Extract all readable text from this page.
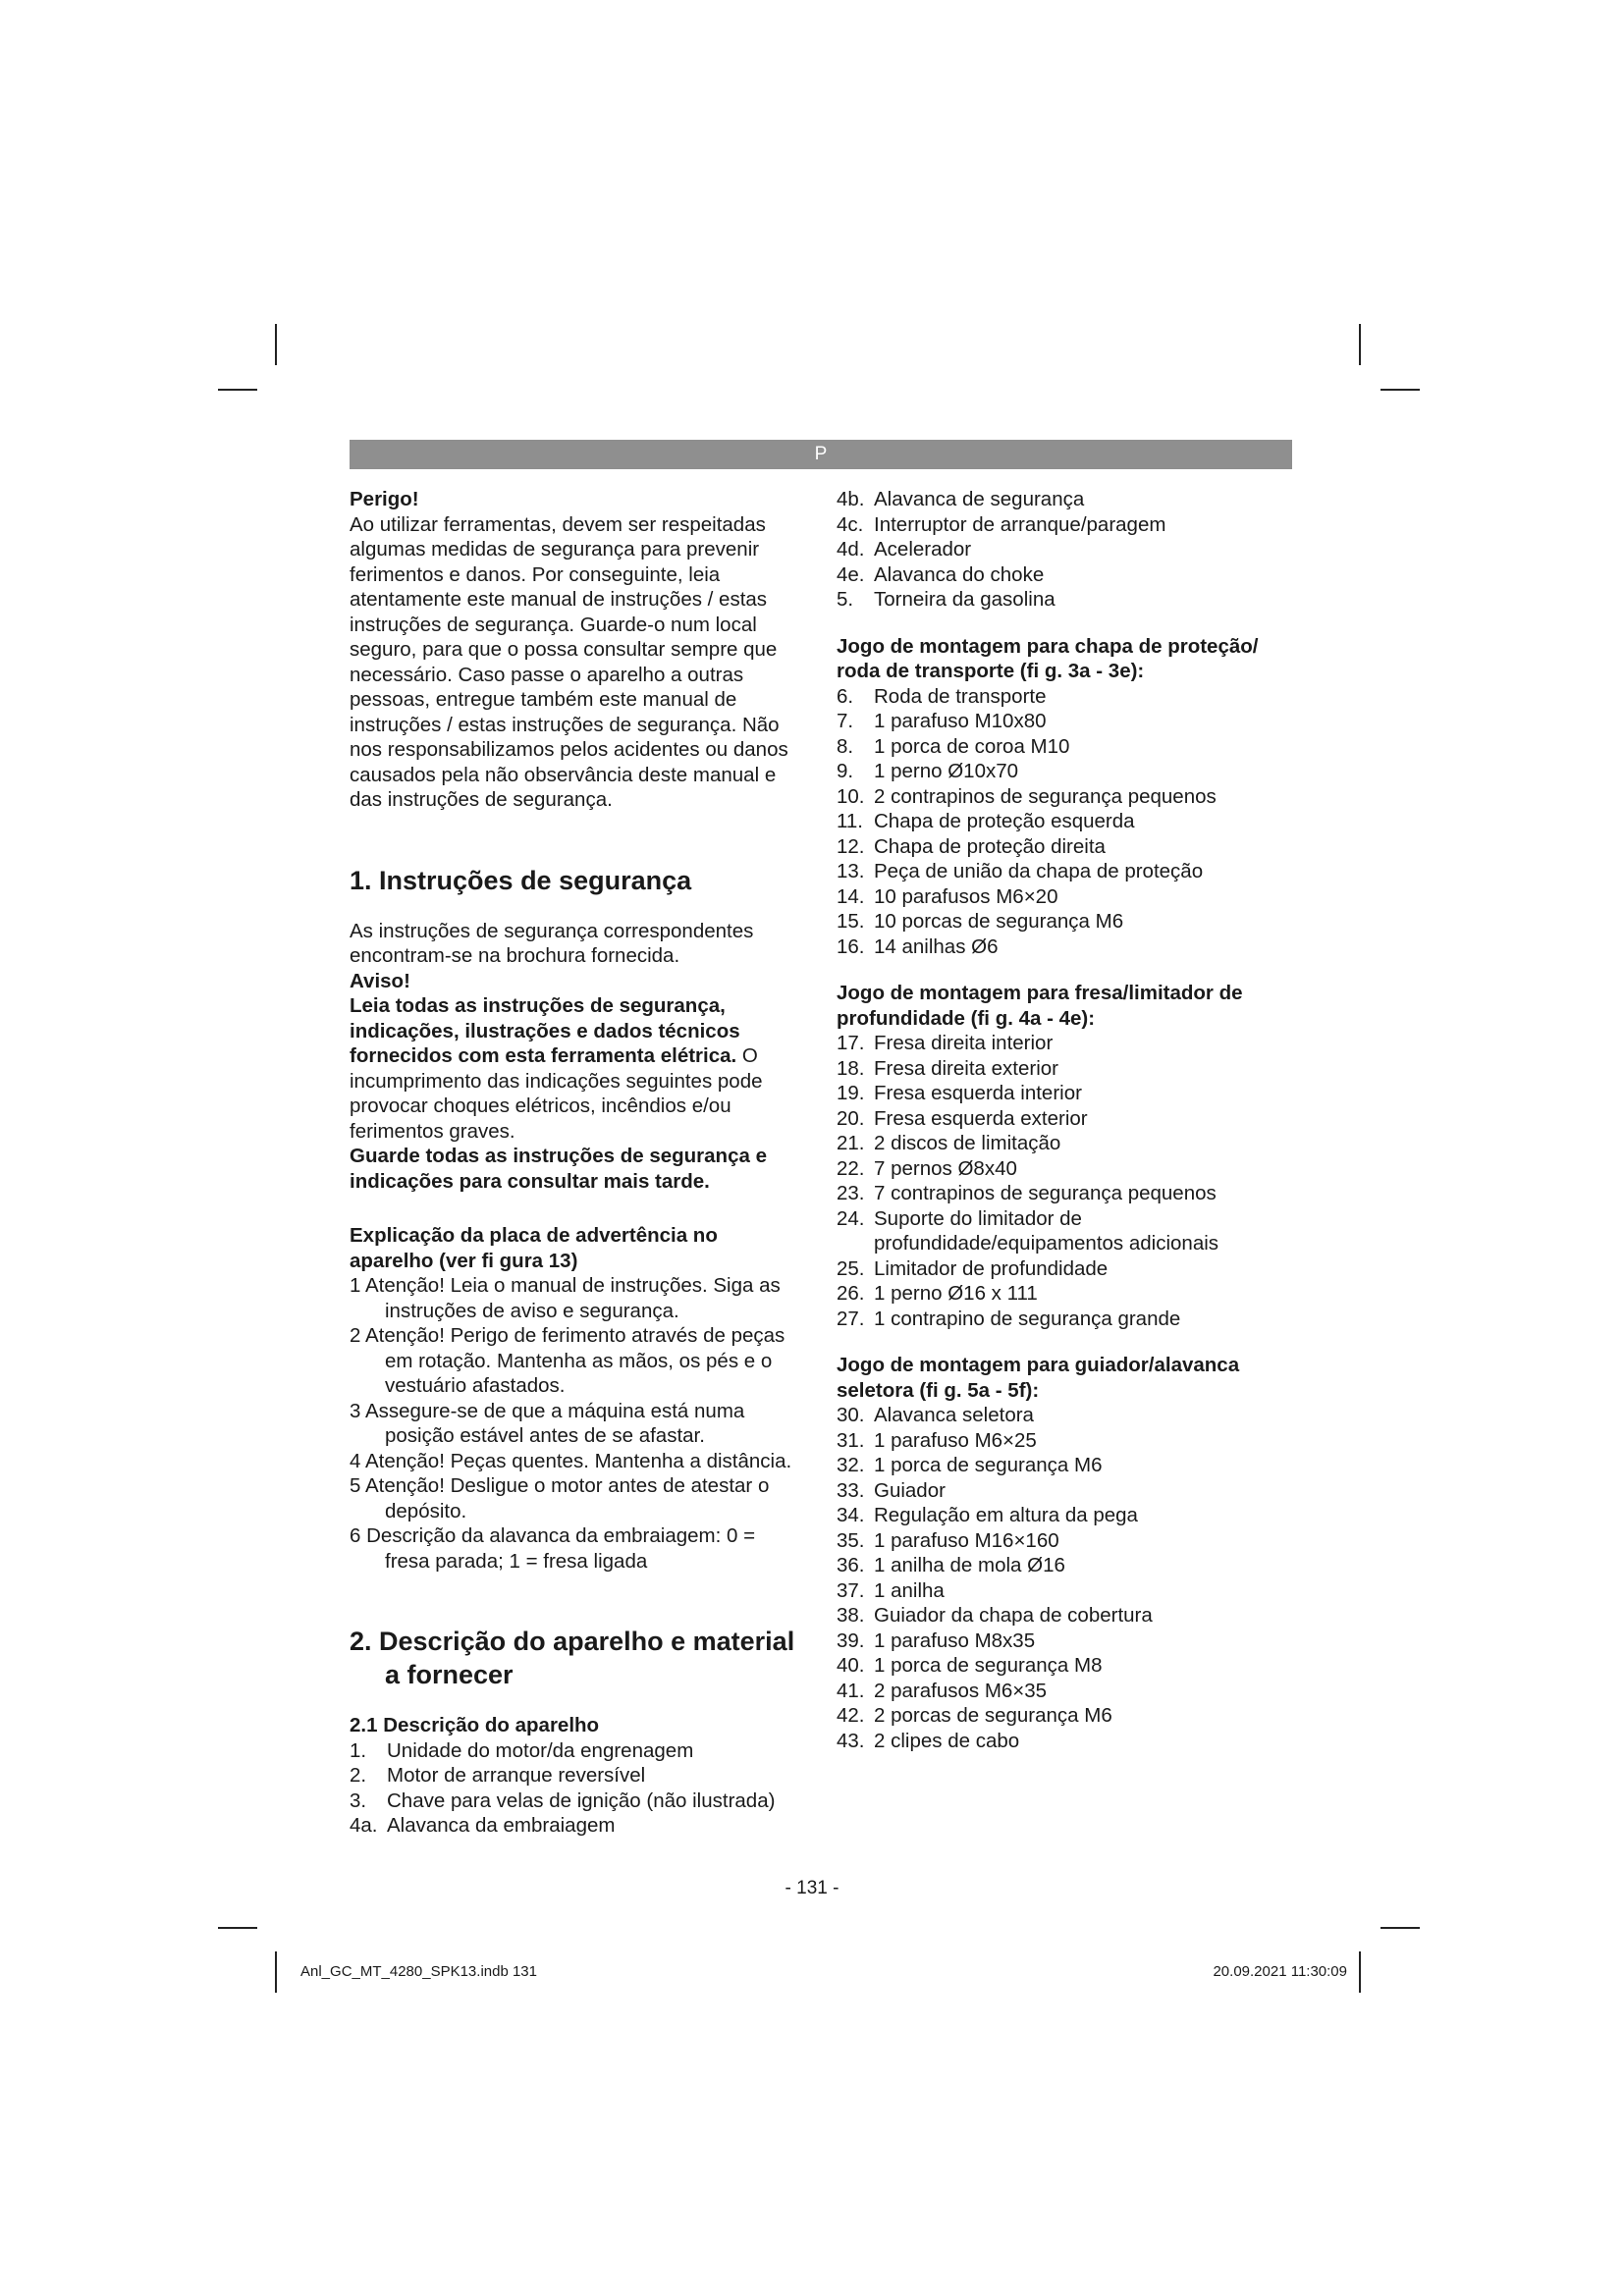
P

Perigo!

Ao utilizar ferramentas, devem ser respeitadas algumas medidas de segurança para prevenir ferimentos e danos. Por conseguinte, leia atentamente este manual de instruções / estas instruções de segurança. Guarde-o num local seguro, para que o possa consultar sempre que necessário. Caso passe o aparelho a outras pessoas, entregue também este manual de instruções / estas instruções de segurança. Não nos responsabilizamos pelos acidentes ou danos causados pela não observância deste manual e das instruções de segurança.

1. Instruções de segurança

As instruções de segurança correspondentes encontram-se na brochura fornecida.

Aviso!

Leia todas as instruções de segurança, indicações, ilustrações e dados técnicos fornecidos com esta ferramenta elétrica. O incumprimento das indicações seguintes pode provocar choques elétricos, incêndios e/ou ferimentos graves.

Guarde todas as instruções de segurança e indicações para consultar mais tarde.

Explicação da placa de advertência no aparelho (ver fi gura 13)

1 Atenção! Leia o manual de instruções. Siga as instruções de aviso e segurança.

2 Atenção! Perigo de ferimento através de peças em rotação. Mantenha as mãos, os pés e o vestuário afastados.

3 Assegure-se de que a máquina está numa posição estável antes de se afastar.

4 Atenção! Peças quentes. Mantenha a distância.

5 Atenção! Desligue o motor antes de atestar o depósito.

6 Descrição da alavanca da embraiagem: 0 = fresa parada; 1 = fresa ligada

2. Descrição do aparelho e material a fornecer

2.1 Descrição do aparelho

1.	Unidade do motor/da engrenagem
2.	Motor de arranque reversível
3.	Chave para velas de ignição (não ilustrada)
4a. Alavanca da embraiagem
4b. Alavanca de segurança
4c. Interruptor de arranque/paragem
4d. Acelerador
4e. Alavanca do choke
5.	Torneira da gasolina

Jogo de montagem para chapa de proteção/ roda de transporte (fi g. 3a - 3e):

6.	Roda de transporte
7.	1 parafuso M10x80
8.	1 porca de coroa M10
9.	1 perno Ø10x70
10. 2 contrapinos de segurança pequenos
11. Chapa de proteção esquerda
12. Chapa de proteção direita
13. Peça de união da chapa de proteção
14. 10 parafusos M6×20
15. 10 porcas de segurança M6
16. 14 anilhas Ø6

Jogo de montagem para fresa/limitador de profundidade (fi g. 4a - 4e):

17. Fresa direita interior
18. Fresa direita exterior
19. Fresa esquerda interior
20. Fresa esquerda exterior
21. 2 discos de limitação
22. 7 pernos Ø8x40
23. 7 contrapinos de segurança pequenos
24. Suporte do limitador de profundidade/equipamentos adicionais
25. Limitador de profundidade
26. 1 perno Ø16 x 111
27. 1 contrapino de segurança grande

Jogo de montagem para guiador/alavanca seletora (fi g. 5a - 5f):

30. Alavanca seletora
31. 1 parafuso M6×25
32. 1 porca de segurança M6
33. Guiador
34. Regulação em altura da pega
35. 1 parafuso M16×160
36. 1 anilha de mola Ø16
37. 1 anilha
38. Guiador da chapa de cobertura
39. 1 parafuso M8x35
40. 1 porca de segurança M8
41. 2 parafusos M6×35
42. 2 porcas de segurança M6
43. 2 clipes de cabo
- 131 -
Anl_GC_MT_4280_SPK13.indb 131	20.09.2021 11:30:09
